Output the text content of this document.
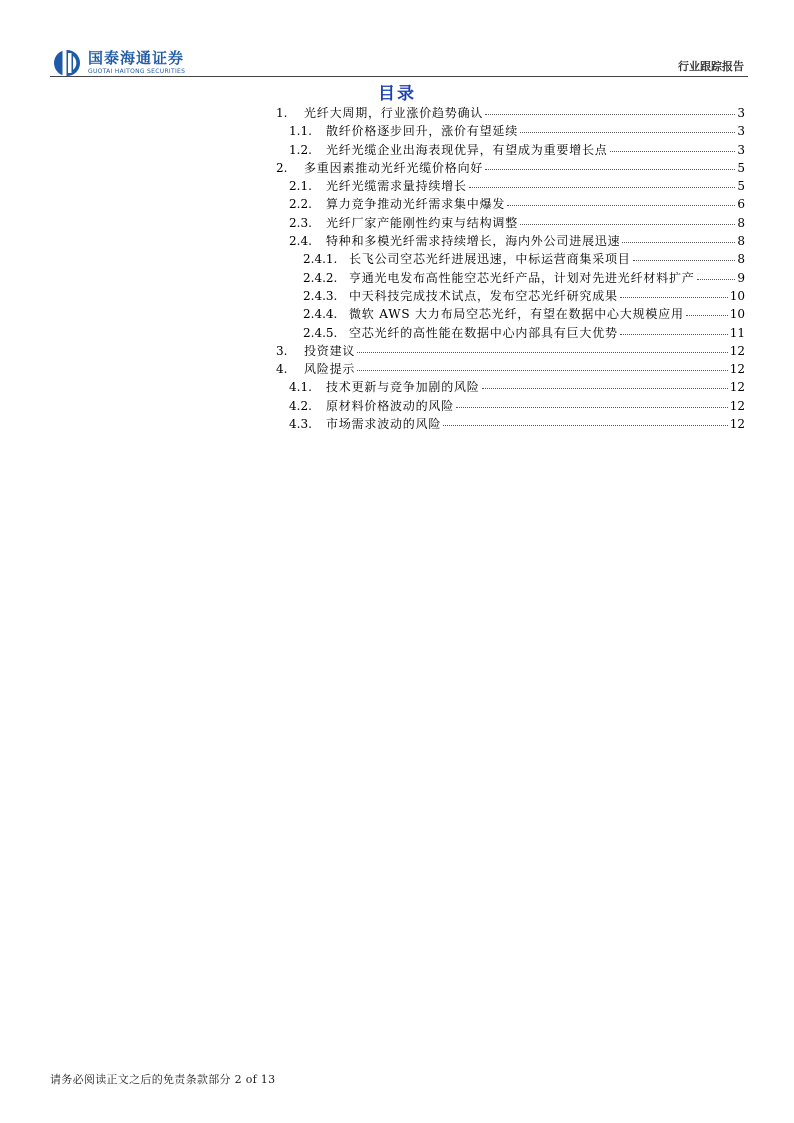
国泰海通证券
GUOTAI HAITONG SECURITIES	行业跟踪报告
目录
1.	光纤大周期，行业涨价趋势确认	3
1.1.	散纤价格逐步回升，涨价有望延续	3
1.2.	光纤光缆企业出海表现优异，有望成为重要增长点	3
2.	多重因素推动光纤光缆价格向好	5
2.1.	光纤光缆需求量持续增长	5
2.2.	算力竞争推动光纤需求集中爆发	6
2.3.	光纤厂家产能刚性约束与结构调整	8
2.4.	特种和多模光纤需求持续增长，海内外公司进展迅速	8
2.4.1. 长飞公司空芯光纤进展迅速，中标运营商集采项目	8
2.4.2. 亨通光电发布高性能空芯光纤产品，计划对先进光纤材料扩产	9
2.4.3. 中天科技完成技术试点，发布空芯光纤研究成果	10
2.4.4. 微软 AWS 大力布局空芯光纤，有望在数据中心大规模应用	10
2.4.5. 空芯光纤的高性能在数据中心内部具有巨大优势	11
3.	投资建议	12
4.	风险提示	12
4.1.	技术更新与竞争加剧的风险	12
4.2.	原材料价格波动的风险	12
4.3.	市场需求波动的风险	12
请务必阅读正文之后的免责条款部分 2 of 13
